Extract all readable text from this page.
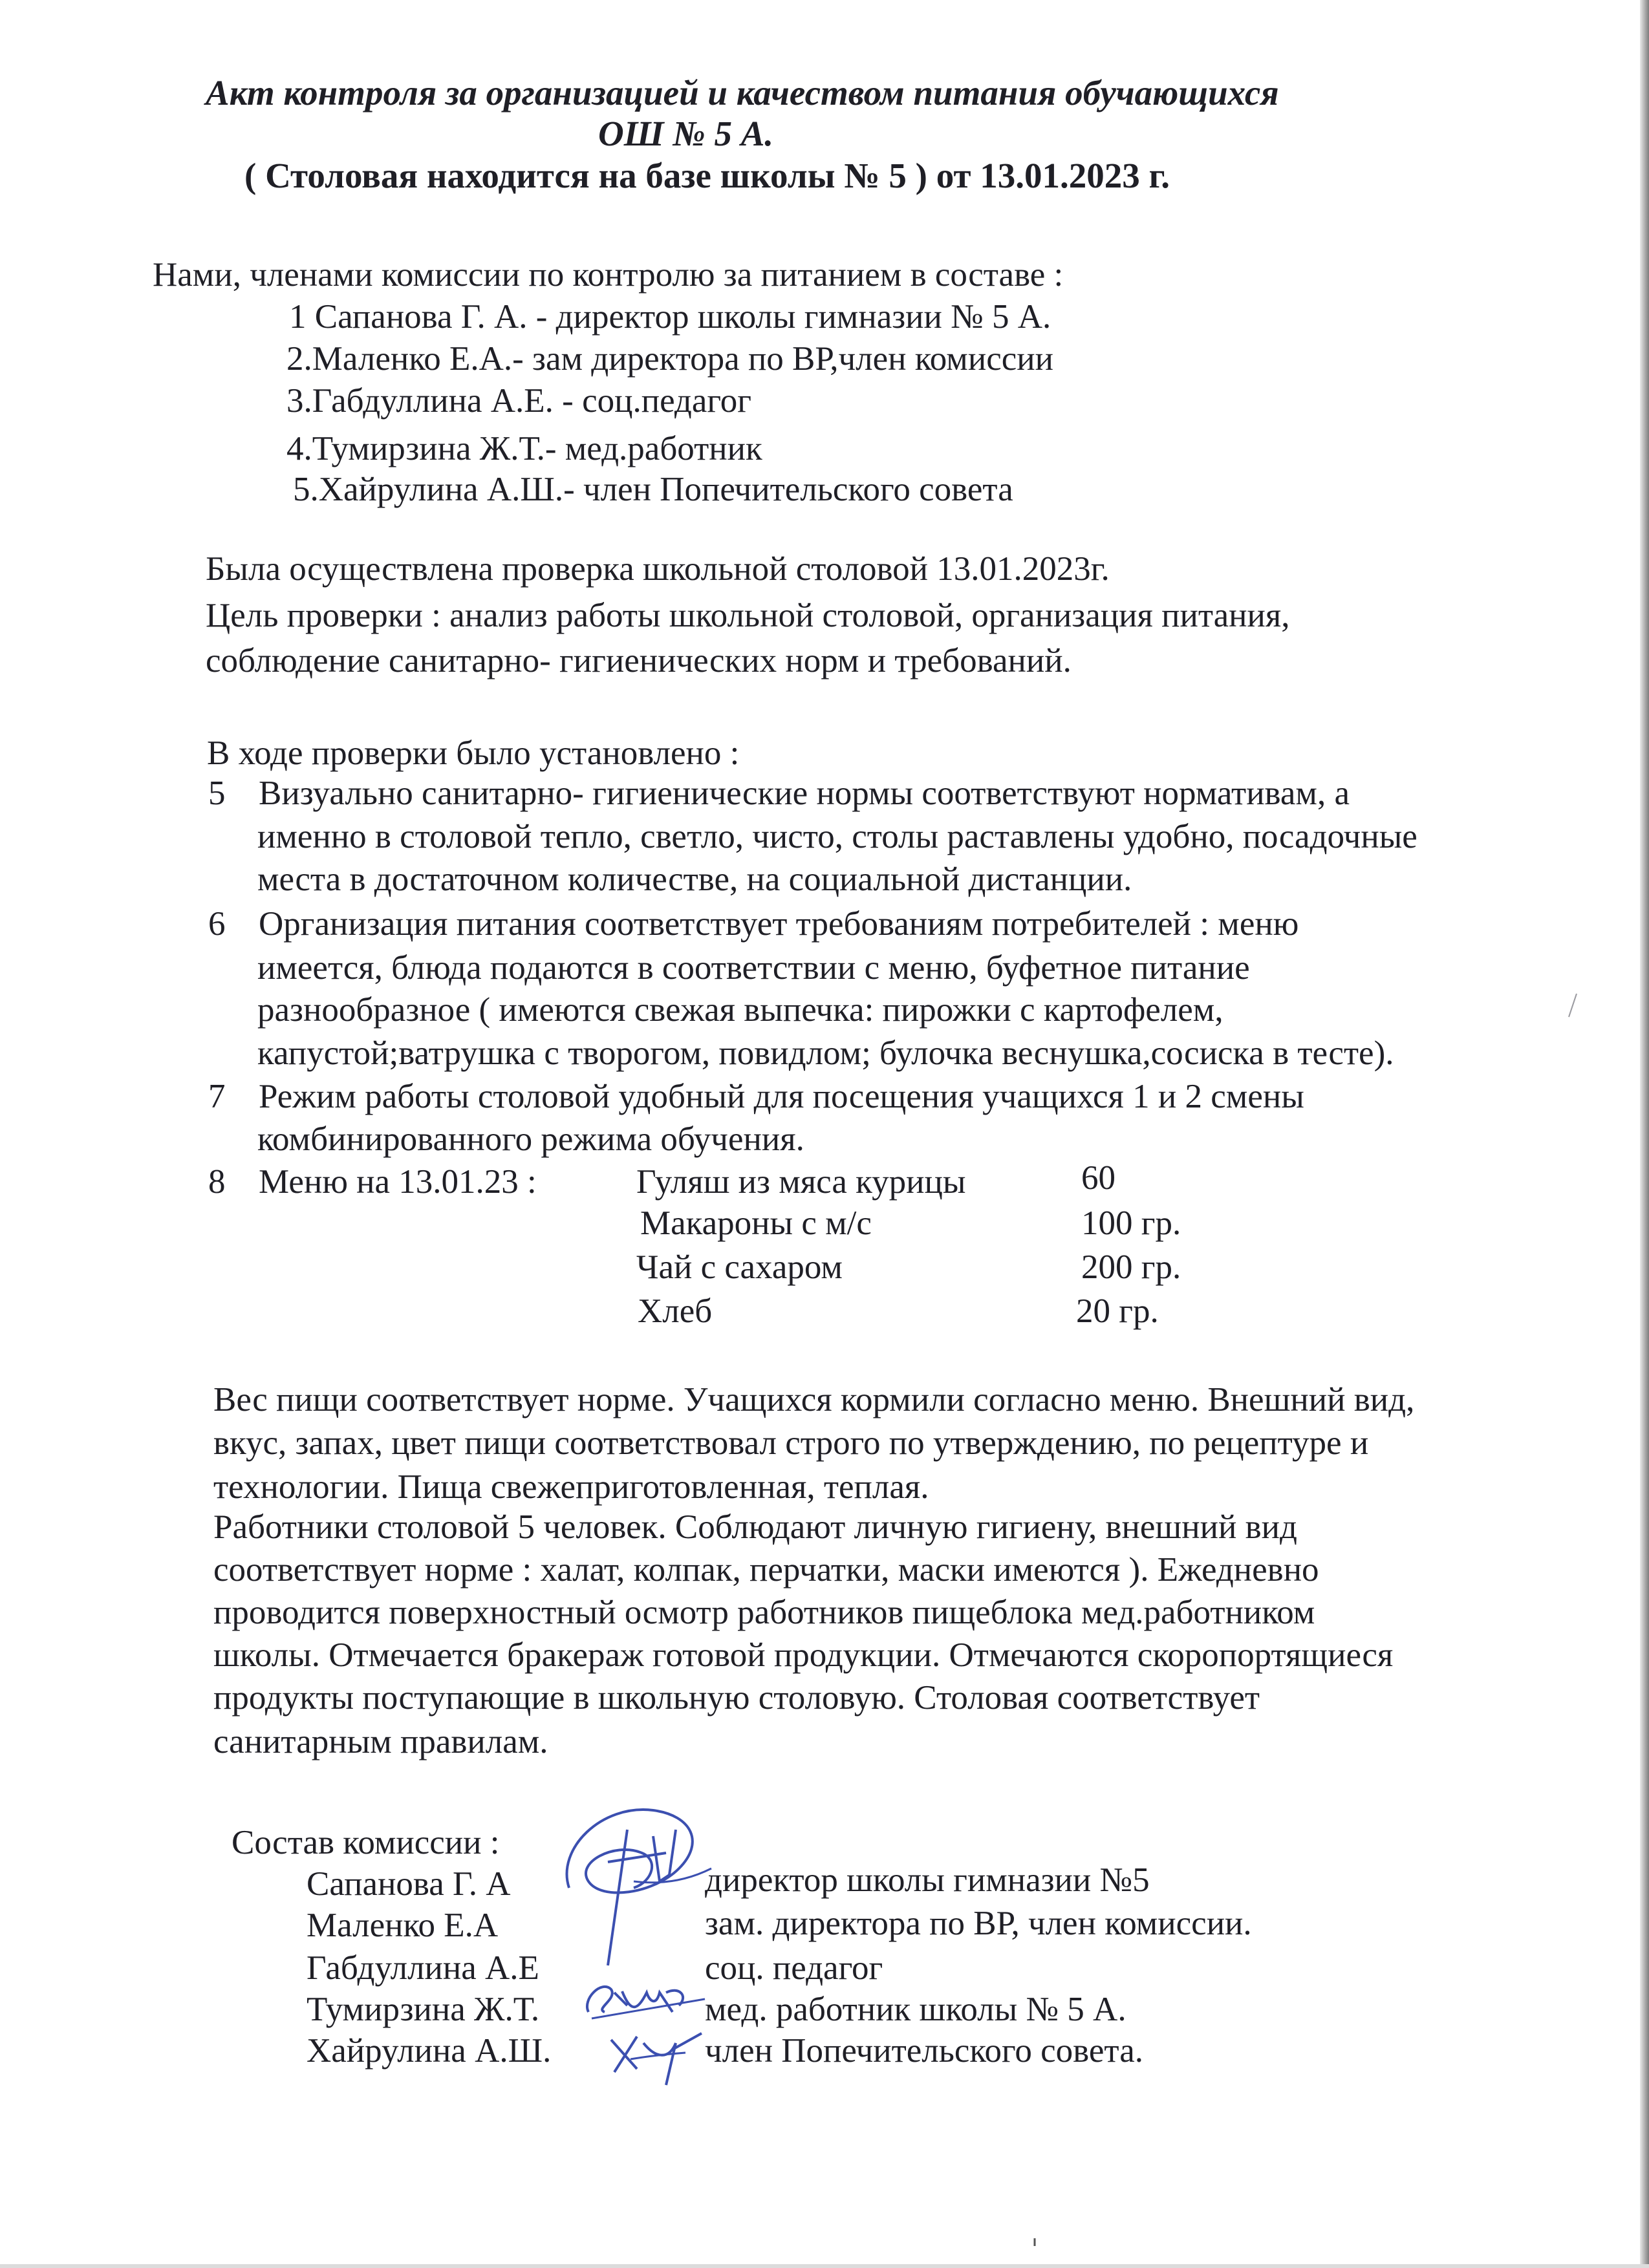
Акт контроля за организацией и качеством питания обучающихся
ОШ № 5 А.
( Столовая находится на базе школы № 5 ) от 13.01.2023 г.
Нами, членами комиссии по контролю за питанием в составе :
1 Сапанова Г. А. - директор школы гимназии № 5 А.
2.Маленко Е.А.- зам директора по ВР,член комиссии
3.Габдуллина А.Е. - соц.педагог
4.Тумирзина Ж.Т.- мед.работник
5.Хайрулина А.Ш.- член Попечительского совета
Была осуществлена проверка школьной столовой 13.01.2023г.
Цель проверки : анализ работы школьной столовой, организация питания,
соблюдение санитарно- гигиенических норм и требований.
В ходе проверки было установлено :
5 Визуально санитарно- гигиенические нормы соответствуют нормативам, а
именно в столовой тепло, светло, чисто, столы раставлены удобно, посадочные
места в достаточном количестве, на социальной дистанции.
6 Организация питания соответствует требованиям потребителей : меню
имеется, блюда подаются в соответствии с меню, буфетное питание
разнообразное ( имеются свежая выпечка: пирожки с картофелем,
капустой;ватрушка с творогом, повидлом; булочка веснушка,сосиска в тесте).
7 Режим работы столовой удобный для посещения учащихся 1 и 2 смены
комбинированного режима обучения.
8 Меню на 13.01.23 :	Гуляш из мяса курицы	60
Макароны с м/с	100 гр.
Чай с сахаром	200 гр.
Хлеб	20 гр.
Вес пищи соответствует норме. Учащихся кормили согласно меню. Внешний вид,
вкус, запах, цвет пищи соответствовал строго по утверждению, по рецептуре и
технологии. Пища свежеприготовленная, теплая.
Работники столовой 5 человек. Соблюдают личную гигиену, внешний вид
соответствует норме : халат, колпак, перчатки, маски имеются ). Ежедневно
проводится поверхностный осмотр работников пищеблока мед.работником
школы. Отмечается бракераж готовой продукции. Отмечаются скоропортящиеся
продукты поступающие в школьную столовую. Столовая соответствует
санитарным правилам.
Состав комиссии :
Сапанова Г. А	директор школы гимназии №5
Маленко Е.А	зам. директора по ВР, член комиссии.
Габдуллина А.Е	соц. педагог
Тумирзина Ж.Т.	мед. работник школы № 5 А.
Хайрулина А.Ш.	член Попечительского совета.
